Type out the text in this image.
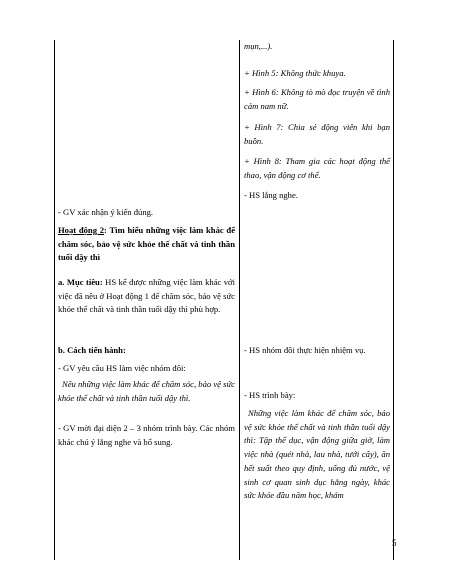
mụn,...).

+ Hình 5: Không thức khuya.

+ Hình 6: Không tò mò đọc truyện về tình cảm nam nữ.

+ Hình 7: Chia sẻ động viên khi bạn buồn.

+ Hình 8: Tham gia các hoạt động thể thao, vận động cơ thể.

- HS lắng nghe.

- HS nhóm đôi thực hiện nhiệm vụ.

- HS trình bày:

Những việc làm khác để chăm sóc, bảo vệ sức khỏe thể chất và tinh thần tuổi dậy thì: Tập thể dục, vận động giữa giờ, làm việc nhà (quét nhà, lau nhà, tưới cây), ăn hết suất theo quy định, uống đủ nước, vệ sinh cơ quan sinh dục hằng ngày, khác sức khỏe đầu năm học, khám

- GV xác nhận ý kiến đúng.

Hoạt động 2: Tìm hiểu những việc làm khác để chăm sóc, bảo vệ sức khỏe thể chất và tinh thần tuổi dậy thì

a. Mục tiêu: HS kể được những việc làm khác với việc đã nêu ở Hoạt động 1 để chăm sóc, bảo vệ sức khỏe thể chất và tinh thần tuổi dậy thì phù hợp.

b. Cách tiến hành:

- GV yêu cầu HS làm việc nhóm đôi:

Nêu những việc làm khác để chăm sóc, bảo vệ sức khỏe thể chất và tinh thần tuổi dậy thì.

- GV mời đại diện 2 – 3 nhóm trình bày. Các nhóm khác chú ý lắng nghe và bổ sung.

5
